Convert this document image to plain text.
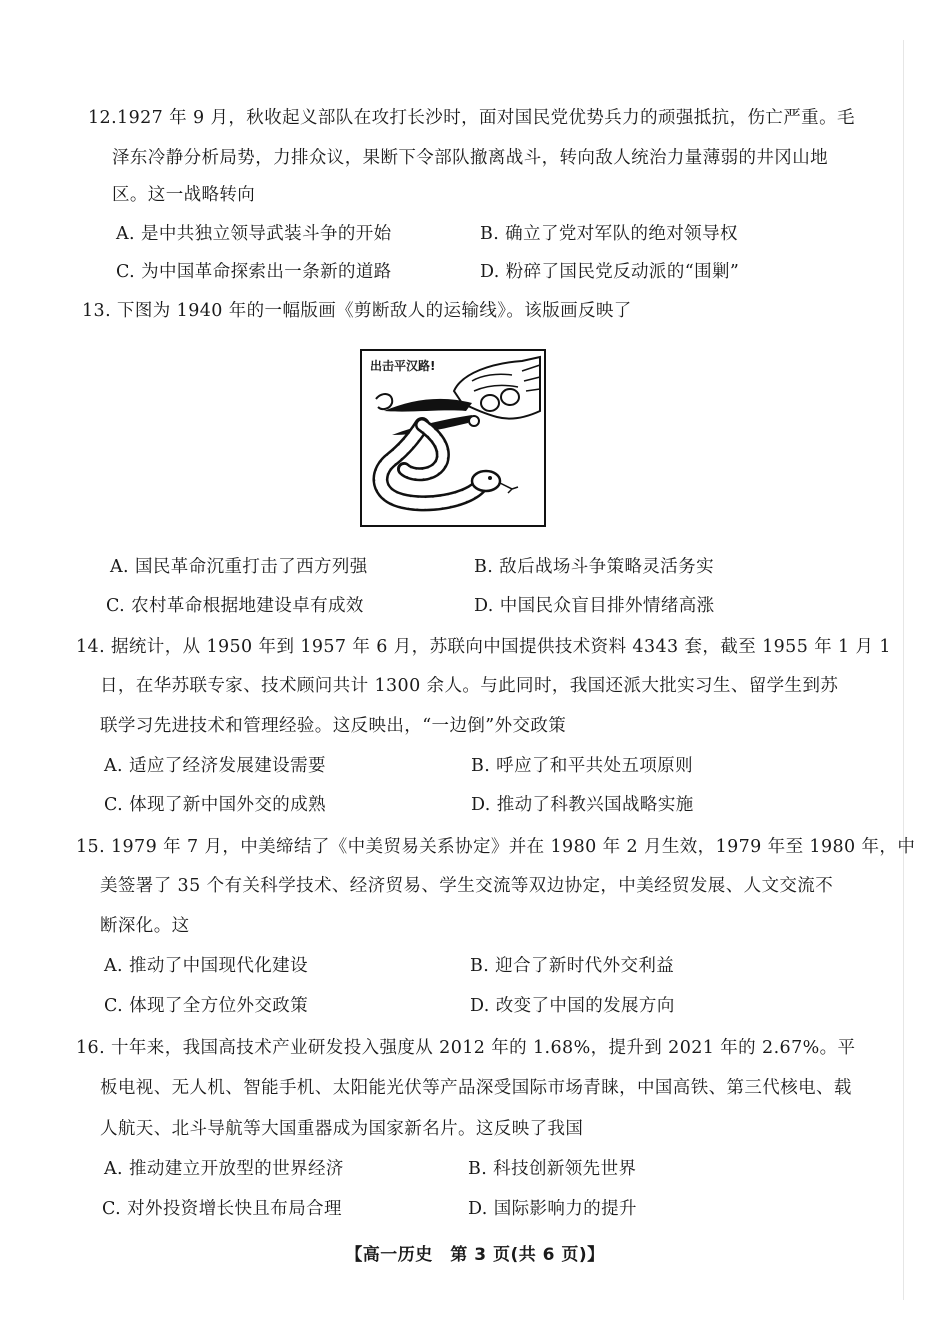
12.1927 年 9 月，秋收起义部队在攻打长沙时，面对国民党优势兵力的顽强抵抗，伤亡严重。毛
泽东冷静分析局势，力排众议，果断下令部队撤离战斗，转向敌人统治力量薄弱的井冈山地
区。这一战略转向
A. 是中共独立领导武装斗争的开始	B. 确立了党对军队的绝对领导权
C. 为中国革命探索出一条新的道路	D. 粉碎了国民党反动派的“围剿”
13. 下图为 1940 年的一幅版画《剪断敌人的运输线》。该版画反映了
出击平汉路!
A. 国民革命沉重打击了西方列强	B. 敌后战场斗争策略灵活务实
C. 农村革命根据地建设卓有成效	D. 中国民众盲目排外情绪高涨
14. 据统计，从 1950 年到 1957 年 6 月，苏联向中国提供技术资料 4343 套，截至 1955 年 1 月 1
日，在华苏联专家、技术顾问共计 1300 余人。与此同时，我国还派大批实习生、留学生到苏
联学习先进技术和管理经验。这反映出，“一边倒”外交政策
A. 适应了经济发展建设需要	B. 呼应了和平共处五项原则
C. 体现了新中国外交的成熟	D. 推动了科教兴国战略实施
15. 1979 年 7 月，中美缔结了《中美贸易关系协定》并在 1980 年 2 月生效，1979 年至 1980 年，中
美签署了 35 个有关科学技术、经济贸易、学生交流等双边协定，中美经贸发展、人文交流不
断深化。这
A. 推动了中国现代化建设	B. 迎合了新时代外交利益
C. 体现了全方位外交政策	D. 改变了中国的发展方向
16. 十年来，我国高技术产业研发投入强度从 2012 年的 1.68%，提升到 2021 年的 2.67%。平
板电视、无人机、智能手机、太阳能光伏等产品深受国际市场青睐，中国高铁、第三代核电、载
人航天、北斗导航等大国重器成为国家新名片。这反映了我国
A. 推动建立开放型的世界经济	B. 科技创新领先世界
C. 对外投资增长快且布局合理	D. 国际影响力的提升
【高一历史　第 3 页(共 6 页)】
